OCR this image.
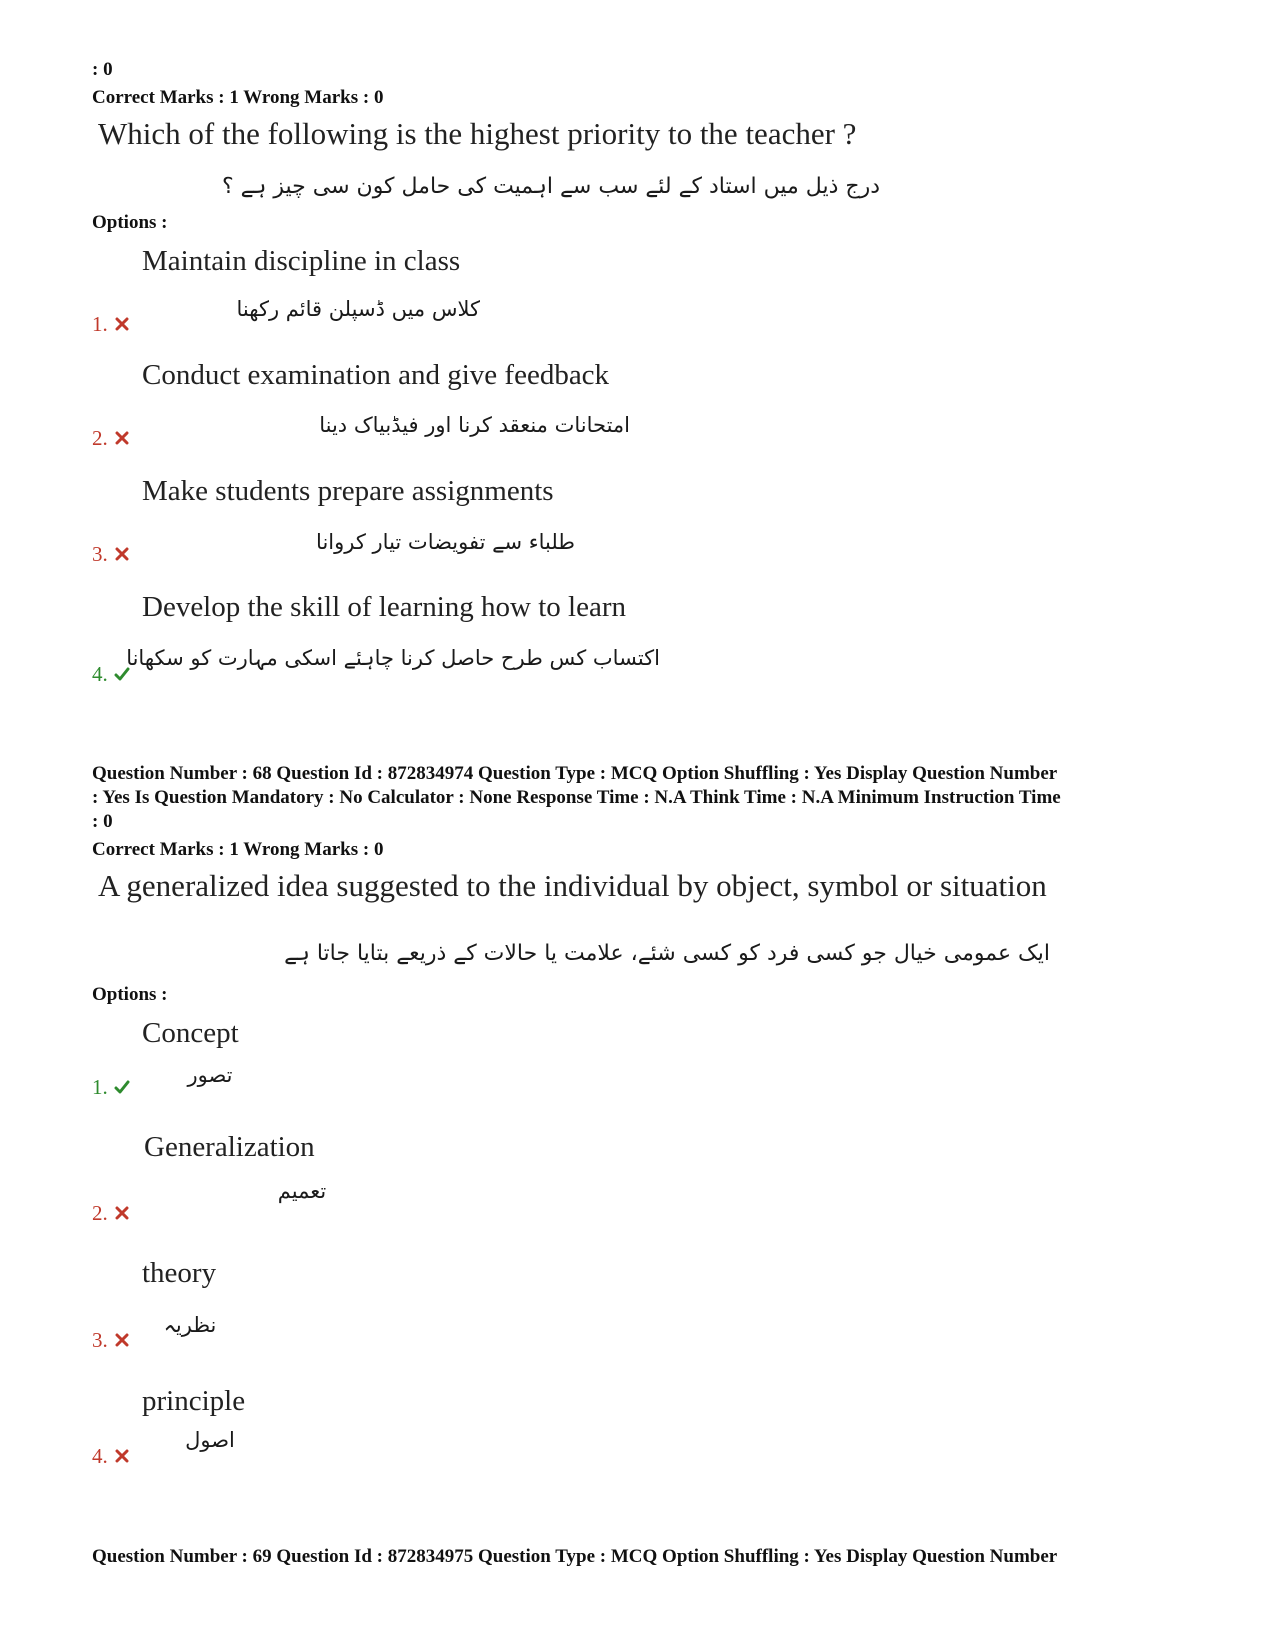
: 0
Correct Marks : 1 Wrong Marks : 0
Which of the following is the highest priority to the teacher ?
درج ذیل میں استاد کے لئے سب سے اہمیت کی حامل کون سی چیز ہے ؟
Options :
Maintain discipline in class
کلاس میں ڈسپلن قائم رکھنا
1.
Conduct examination and give feedback
امتحانات منعقد کرنا اور فیڈبیاک دینا
2.
Make students prepare assignments
طلباء سے تفویضات تیار کروانا
3.
Develop the skill of learning how to learn
اکتساب کس طرح حاصل کرنا چاہئے اسکی مہارت کو سکھانا
4.
Question Number : 68 Question Id : 872834974 Question Type : MCQ Option Shuffling : Yes Display Question Number
: Yes Is Question Mandatory : No Calculator : None Response Time : N.A Think Time : N.A Minimum Instruction Time
: 0
Correct Marks : 1 Wrong Marks : 0
A generalized idea suggested to the individual by object, symbol or situation
ایک عمومی خیال جو کسی فرد کو کسی شئے، علامت یا حالات کے ذریعے بتایا جاتا ہے
Options :
Concept
تصور
1.
Generalization
تعمیم
2.
theory
نظریہ
3.
principle
اصول
4.
Question Number : 69 Question Id : 872834975 Question Type : MCQ Option Shuffling : Yes Display Question Number
